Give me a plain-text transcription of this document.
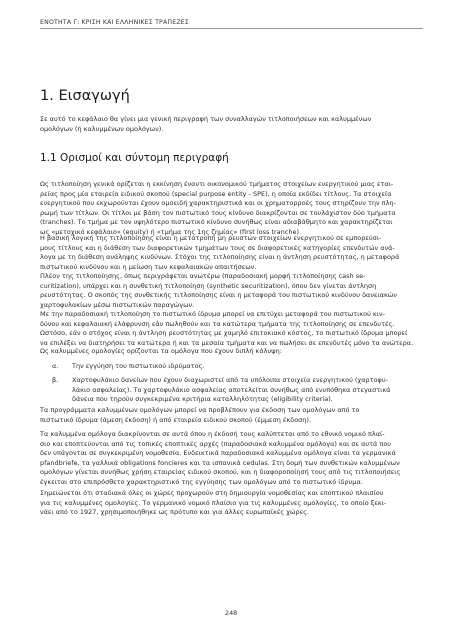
ΕΝΟΤΗΤΑ Γ: ΚΡΙΣΗ ΚΑΙ ΕΛΛΗΝΙΚΕΣ ΤΡΑΠΕΖΕΣ
1. Εισαγωγή
Σε αυτό το κεφάλαιο θα γίνει μια γενική περιγραφή των συναλλαγών τιτλοποιήσεων και καλυμμένων
ομολόγων (ή καλυμμένων ομολόγων).
1.1 Ορισμοί και σύντομη περιγραφή
Ως τιτλοποίηση γενικά ορίζεται η εκκίνηση έναντι οικονομικού τμήματος στοιχείων ενεργητικού μιας εται-
ρείας προς μία εταιρεία ειδικού σκοπού (special purpose entity - SPE), η οποία εκδίδει τίτλους. Τα στοιχεία
ενεργητικού που εκχωρούνται έχουν ομοειδή χαρακτηριστικά και οι χρηματορροές τους στηρίζουν την πλη-
ρωμή των τίτλων. Οι τίτλοι με βάση τον πιστωτικό τους κίνδυνο διακρίζονται σε τουλάχιστον δύο τμήματα
(tranches). Το τμήμα με τον υψηλότερο πιστωτικό κίνδυνο συνήθως είναι αδιαβάθμητο και χαρακτηρίζεται
ως «μετοχικό κεφάλαιο» (equity) ή «τμήμα της 1ης ζημίας» (first loss tranche).
Η βασική λογική της τιτλοποίησης είναι η μετατροπή μη ρευστών στοιχείων ενεργητικού σε εμπορεύσι-
μους τίτλους και η διάθεση των διαφορετικών τμημάτων τους σε διαφορετικές κατηγορίες επενδυτών ανά-
λογα με τη διάθεση ανάληψης κινδύνων. Στόχοι της τιτλοποίησης είναι η άντληση ρευστότητας, η μεταφορά
πιστωτικού κινδύνου και η μείωση των κεφαλαιακών απαιτήσεων.
Πλέον της τιτλοποίησης, όπως περιγράφεται ανωτέρω (παραδοσιακή μορφή τιτλοποίησης cash se-
curitization), υπάρχει και η συνθετική τιτλοποίηση (synthetic securitization), όπου δεν γίνεται άντληση
ρευστότητας. Ο σκοπός της συνθετικής τιτλοποίησης είναι η μεταφορά του πιστωτικού κινδύνου δανειακών
χαρτοφυλακίων μέσω πιστωτικών παραγώγων.
Με την παραδοσιακή τιτλοποίηση το πιστωτικό ίδρυμα μπορεί να επιτύχει μεταφορά του πιστωτικού κιν-
δύνου και κεφαλαιακή ελάφρυνση εάν πωληθούν και τα κατώτερα τμήματα της τιτλοποίησης σε επενδυτές.
Ωστόσο, εάν ο στόχος είναι η άντληση ρευστότητας με χαμηλό επιτοκιακό κόστος, το πιστωτικό ίδρυμα μπορεί
να επιλέξει να διατηρήσει τα κατώτερα ή και τα μεσαία τμήματα και να πωλήσει σε επενδυτές μόνο τα ανώτερα.
Ως καλυμμένες ομολογίες ορίζονται τα ομόλογα που έχουν διπλή κάλυψη:
α. Την εγγύηση του πιστωτικού ιδρύματος.
β. Χαρτοφυλάκιο δανείων που έχουν διαχωριστεί από τα υπόλοιπα στοιχεία ενεργητικού (χαρτοφυ-
λάκιο ασφαλείας). Το χαρτοφυλάκιο ασφαλείας αποτελείται συνήθως από ενυπόθηκα στεγαστικά
δάνεια που τηρούν συγκεκριμένα κριτήρια καταλληλότητας (eligibility criteria).
Τα προγράμματα καλυμμένων ομολόγων μπορεί να προβλέπουν για έκδοση των ομολόγων από το
πιστωτικό ίδρυμα (άμεση έκδοση) ή από εταιρεία ειδικού σκοπού (έμμεση έκδοση).
Τα καλυμμένα ομόλογα διακρίνονται σε αυτά όπου η έκδοσή τους καλύπτεται από το εθνικό νομικό πλαί-
σιο και εποπτεύονται από τις τοπικές εποπτικές αρχές (παραδοσιακά καλυμμένα ομόλογα) και σε αυτά που
δεν υπάγονται σε συγκεκριμένη νομοθεσία. Ενδεικτικά παραδοσιακά καλυμμένα ομόλογα είναι τα γερμανικά
pfandbriefe, τα γαλλικά obligations foncieres και τα ισπανικά cedulas. Στη δομή των συνθετικών καλυμμένων
ομολόγων γίνεται συνήθως χρήση εταιρείας ειδικού σκοπού, και η διαφοροποίησή τους από τις τιτλοποιήσεις
έγκειται στο επιπρόσθετο χαρακτηριστικό της εγγύησης των ομολόγων από το πιστωτικό ίδρυμα.
Σημειώνεται ότι σταδιακά όλες οι χώρες προχωρούν στη δημιουργία νομοθεσίας και εποπτικού πλαισίου
για τις καλυμμένες ομολογίες. Το γερμανικό νομικό πλαίσιο για τις καλυμμένες ομολογίες, το οποίο ξεκι-
νάει από το 1927, χρησιμοποιήθηκε ως πρότυπο και για άλλες ευρωπαϊκές χώρες.
248
